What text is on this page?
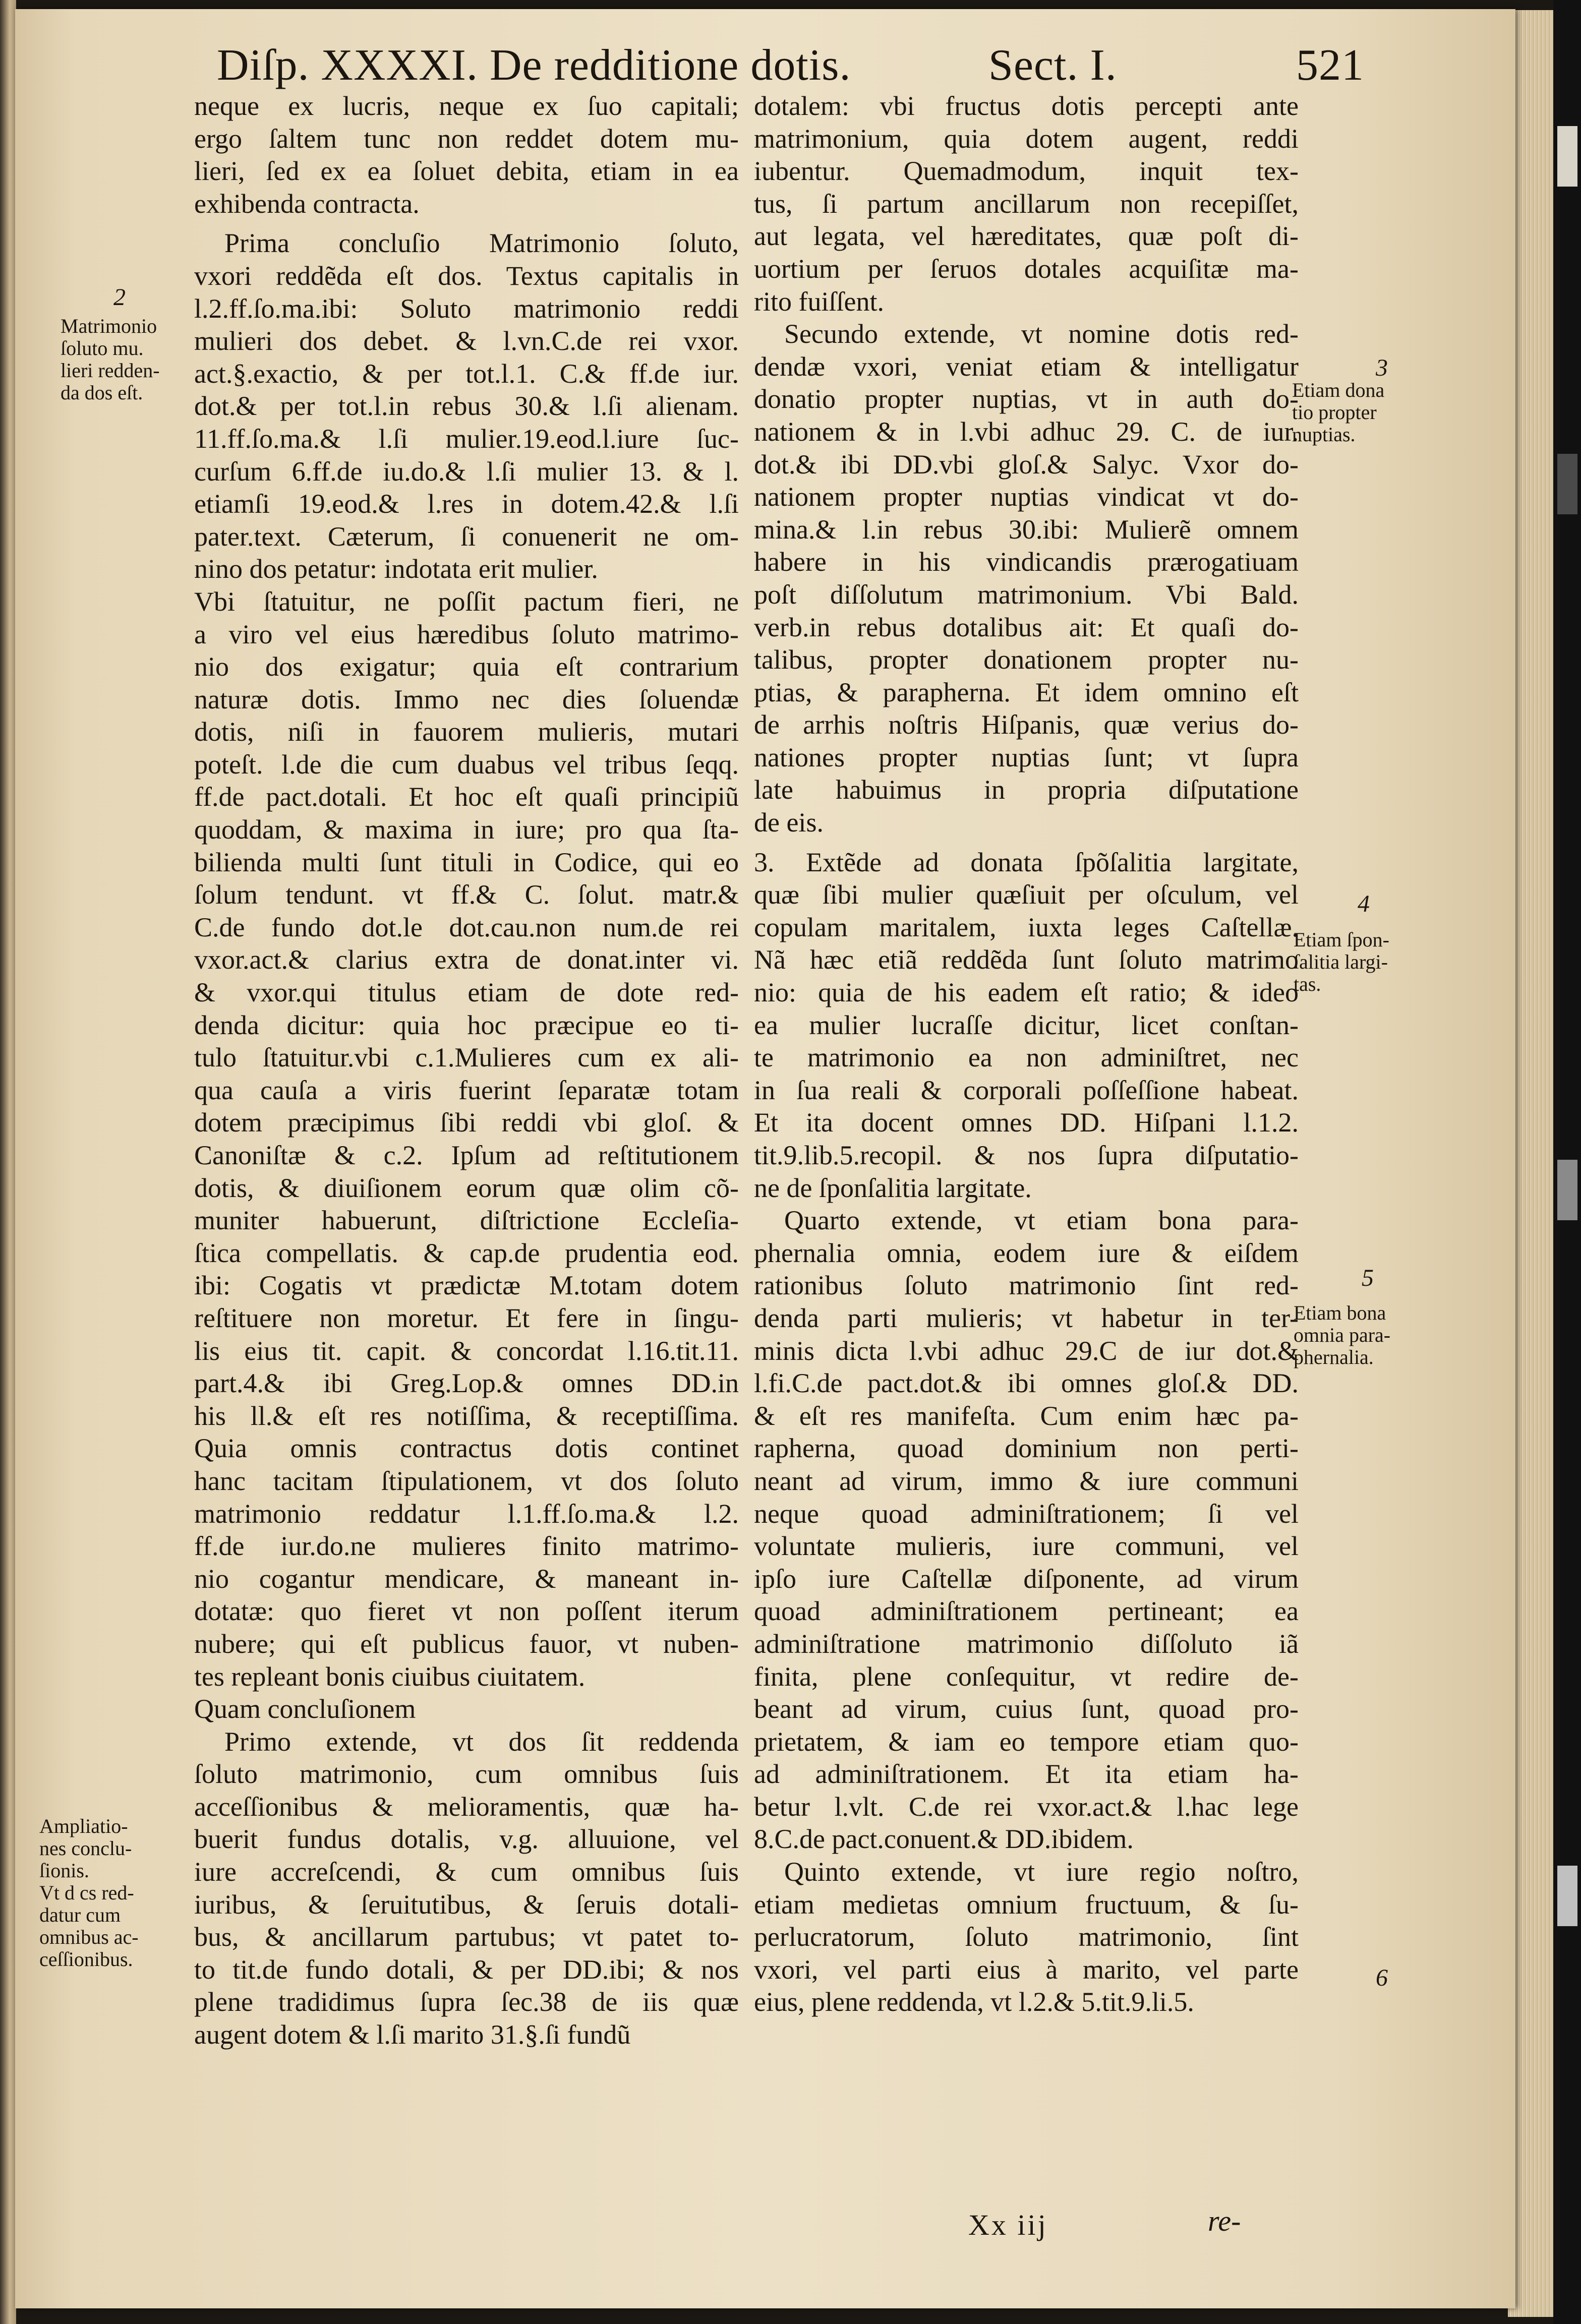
Diſp. XXXXI. De redditione dotis.	Sect. I.	521
neque ex lucris, neque ex ſuo capitali;
ergo ſaltem tunc non reddet dotem mu-
lieri, ſed ex ea ſoluet debita, etiam in ea
exhibenda contracta.
Prima concluſio Matrimonio ſoluto,
vxori reddẽda eſt dos. Textus capitalis in
l.2.ff.ſo.ma.ibi: Soluto matrimonio reddi
mulieri dos debet. & l.vn.C.de rei vxor.
act.§.exactio, & per tot.l.1. C.& ff.de iur.
dot.& per tot.l.in rebus 30.& l.ſi alienam.
11.ff.ſo.ma.& l.ſi mulier.19.eod.l.iure ſuc-
curſum 6.ff.de iu.do.& l.ſi mulier 13. & l.
etiamſi 19.eod.& l.res in dotem.42.& l.ſi
pater.text. Cæterum, ſi conuenerit ne om-
nino dos petatur: indotata erit mulier.
Vbi ſtatuitur, ne poſſit pactum fieri, ne
a viro vel eius hæredibus ſoluto matrimo-
nio dos exigatur; quia eſt contrarium
naturæ dotis. Immo nec dies ſoluendæ
dotis, niſi in fauorem mulieris, mutari
poteſt. l.de die cum duabus vel tribus ſeqq.
ff.de pact.dotali. Et hoc eſt quaſi principiũ
quoddam, & maxima in iure; pro qua ſta-
bilienda multi ſunt tituli in Codice, qui eo
ſolum tendunt. vt ff.& C. ſolut. matr.&
C.de fundo dot.le dot.cau.non num.de rei
vxor.act.& clarius extra de donat.inter vi.
& vxor.qui titulus etiam de dote red-
denda dicitur: quia hoc præcipue eo ti-
tulo ſtatuitur.vbi c.1.Mulieres cum ex ali-
qua cauſa a viris fuerint ſeparatæ totam
dotem præcipimus ſibi reddi vbi gloſ. &
Canoniſtæ & c.2. Ipſum ad reſtitutionem
dotis, & diuiſionem eorum quæ olim cõ-
muniter habuerunt, diſtrictione Eccleſia-
ſtica compellatis. & cap.de prudentia eod.
ibi: Cogatis vt prædictæ M.totam dotem
reſtituere non moretur. Et fere in ſingu-
lis eius tit. capit. & concordat l.16.tit.11.
part.4.& ibi Greg.Lop.& omnes DD.in
his ll.& eſt res notiſſima, & receptiſſima.
Quia omnis contractus dotis continet
hanc tacitam ſtipulationem, vt dos ſoluto
matrimonio reddatur l.1.ff.ſo.ma.& l.2.
ff.de iur.do.ne mulieres finito matrimo-
nio cogantur mendicare, & maneant in-
dotatæ: quo fieret vt non poſſent iterum
nubere; qui eſt publicus fauor, vt nuben-
tes repleant bonis ciuibus ciuitatem.
Quam concluſionem
Primo extende, vt dos ſit reddenda
ſoluto matrimonio, cum omnibus ſuis
acceſſionibus & melioramentis, quæ ha-
buerit fundus dotalis, v.g. alluuione, vel
iure accreſcendi, & cum omnibus ſuis
iuribus, & ſeruitutibus, & ſeruis dotali-
bus, & ancillarum partubus; vt patet to-
to tit.de fundo dotali, & per DD.ibi; & nos
plene tradidimus ſupra ſec.38 de iis quæ
augent dotem & l.ſi marito 31.§.ſi fundũ
dotalem: vbi fructus dotis percepti ante
matrimonium, quia dotem augent, reddi
iubentur. Quemadmodum, inquit tex-
tus, ſi partum ancillarum non recepiſſet,
aut legata, vel hæreditates, quæ poſt di-
uortium per ſeruos dotales acquiſitæ ma-
rito fuiſſent.
Secundo extende, vt nomine dotis red-
dendæ vxori, veniat etiam & intelligatur
donatio propter nuptias, vt in auth do-
nationem & in l.vbi adhuc 29. C. de iur.
dot.& ibi DD.vbi gloſ.& Salyc. Vxor do-
nationem propter nuptias vindicat vt do-
mina.& l.in rebus 30.ibi: Mulierẽ omnem
habere in his vindicandis prærogatiuam
poſt diſſolutum matrimonium. Vbi Bald.
verb.in rebus dotalibus ait: Et quaſi do-
talibus, propter donationem propter nu-
ptias, & parapherna. Et idem omnino eſt
de arrhis noſtris Hiſpanis, quæ verius do-
nationes propter nuptias ſunt; vt ſupra
late habuimus in propria diſputatione
de eis.
3. Extẽde ad donata ſpõſalitia largitate,
quæ ſibi mulier quæſiuit per oſculum, vel
copulam maritalem, iuxta leges Caſtellæ.
Nã hæc etiã reddẽda ſunt ſoluto matrimo
nio: quia de his eadem eſt ratio; & ideo
ea mulier lucraſſe dicitur, licet conſtan-
te matrimonio ea non adminiſtret, nec
in ſua reali & corporali poſſeſſione habeat.
Et ita docent omnes DD. Hiſpani l.1.2.
tit.9.lib.5.recopil. & nos ſupra diſputatio-
ne de ſponſalitia largitate.
Quarto extende, vt etiam bona para-
phernalia omnia, eodem iure & eiſdem
rationibus ſoluto matrimonio ſint red-
denda parti mulieris; vt habetur in ter-
minis dicta l.vbi adhuc 29.C de iur dot.&
l.fi.C.de pact.dot.& ibi omnes gloſ.& DD.
& eſt res manifeſta. Cum enim hæc pa-
rapherna, quoad dominium non perti-
neant ad virum, immo & iure communi
neque quoad adminiſtrationem; ſi vel
voluntate mulieris, iure communi, vel
ipſo iure Caſtellæ diſponente, ad virum
quoad adminiſtrationem pertineant; ea
adminiſtratione matrimonio diſſoluto iã
finita, plene conſequitur, vt redire de-
beant ad virum, cuius ſunt, quoad pro-
prietatem, & iam eo tempore etiam quo-
ad adminiſtrationem. Et ita etiam ha-
betur l.vlt. C.de rei vxor.act.& l.hac lege
8.C.de pact.conuent.& DD.ibidem.
Quinto extende, vt iure regio noſtro,
etiam medietas omnium fructuum, & ſu-
perlucratorum, ſoluto matrimonio, ſint
vxori, vel parti eius à marito, vel parte
eius, plene reddenda, vt l.2.& 5.tit.9.li.5.
2
Matrimonio
ſoluto mu.
lieri redden-
da dos eſt.
Ampliatio-
nes conclu-
ſionis.
Vt d cs red-
datur cum
omnibus ac-
ceſſionibus.
3
Etiam dona
tio propter
nuptias.
4
Etiam ſpon-
ſalitia largi-
tas.
5
Etiam bona
omnia para-
phernalia.
6
Xx iij	re-
